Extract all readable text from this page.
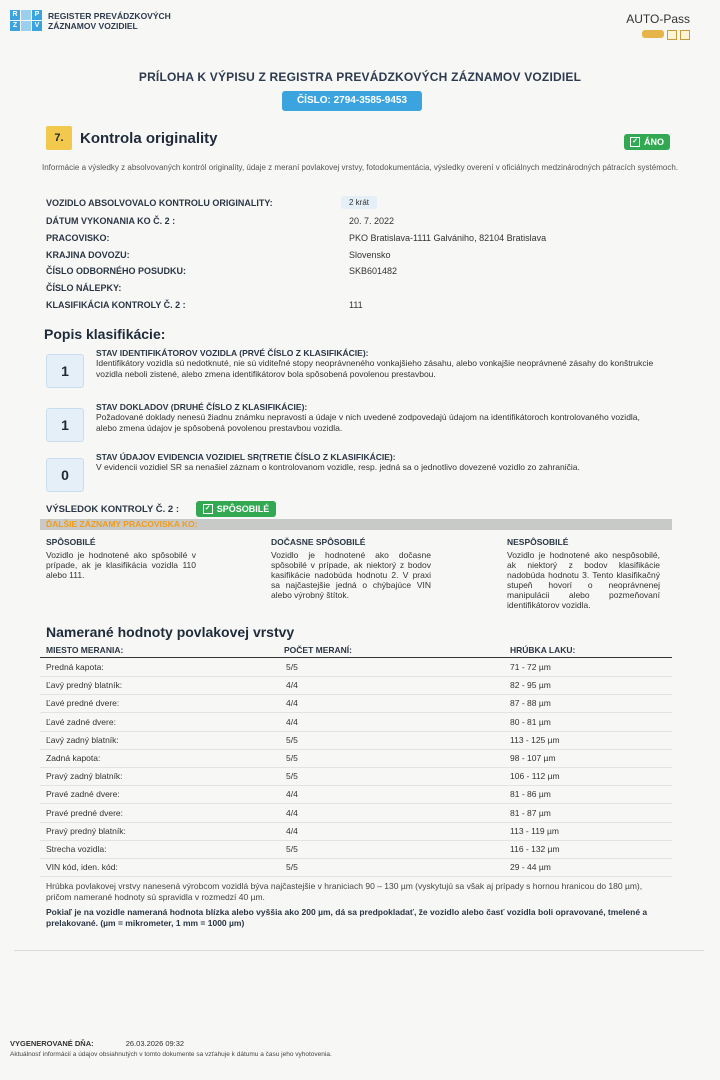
R	P
Z	V
REGISTER PREVÁDZKOVÝCH
ZÁZNAMOV VOZIDIEL	AUTO-Pass
PRÍLOHA K VÝPISU Z REGISTRA PREVÁDZKOVÝCH ZÁZNAMOV VOZIDIEL
ČÍSLO: 2794-3585-9453
7.	Kontrola originality	✓ ÁNO
Informácie a výsledky z absolvovaných kontról originality, údaje z meraní povlakovej vrstvy, fotodokumentácia, výsledky overení v oficiálnych medzinárodných pátracích systémoch.
VOZIDLO ABSOLVOVALO KONTROLU ORIGINALITY:	2 krát
DÁTUM VYKONANIA KO Č. 2 :	20. 7. 2022
PRACOVISKO:	PKO Bratislava-1111 Galvániho, 82104 Bratislava
KRAJINA DOVOZU:	Slovensko
ČÍSLO ODBORNÉHO POSUDKU:	SKB601482
ČÍSLO NÁLEPKY:
KLASIFIKÁCIA KONTROLY Č. 2 :	111
Popis klasifikácie:
1
STAV IDENTIFIKÁTOROV VOZIDLA (PRVÉ ČÍSLO Z KLASIFIKÁCIE):
Identifikátory vozidla sú nedotknuté, nie sú viditeľné stopy neoprávneného vonkajšieho zásahu, alebo vonkajšie neoprávnené zásahy do konštrukcie vozidla neboli zistené, alebo zmena identifikátorov bola spôsobená povolenou prestavbou.
1
STAV DOKLADOV (DRUHÉ ČÍSLO Z KLASIFIKÁCIE):
Požadované doklady nenesú žiadnu známku nepravosti a údaje v nich uvedené zodpovedajú údajom na identifikátoroch kontrolovaného vozidla, alebo zmena údajov je spôsobená povolenou prestavbou vozidla.
0
STAV ÚDAJOV EVIDENCIA VOZIDIEL SR(TRETIE ČÍSLO Z KLASIFIKÁCIE):
V evidencii vozidiel SR sa nenašiel záznam o kontrolovanom vozidle, resp. jedná sa o jednotlivo dovezené vozidlo zo zahraničia.
VÝSLEDOK KONTROLY Č. 2 :	✓ SPÔSOBILÉ
ĎALŠIE ZÁZNAMY PRACOVISKA KO:
SPÔSOBILÉ
Vozidlo je hodnotené ako spôsobilé v prípade, ak je klasifikácia vozidla 110 alebo 111.
DOČASNE SPÔSOBILÉ
Vozidlo je hodnotené ako dočasne spôsobilé v prípade, ak niektorý z bodov kasifikácie nadobúda hodnotu 2. V praxi sa najčastejšie jedná o chýbajúce VIN alebo výrobný štítok.
NESPÔSOBILÉ
Vozidlo je hodnotené ako nespôsobilé, ak niektorý z bodov klasifikácie nadobúda hodnotu 3. Tento klasifikačný stupeň hovorí o neoprávnenej manipulácii alebo pozmeňovaní identifikátorov vozidla.
Namerané hodnoty povlakovej vrstvy
MIESTO MERANIA:	POČET MERANÍ:	HRÚBKA LAKU:
Predná kapota:	5/5	71 - 72 µm
Ľavý predný blatník:	4/4	82 - 95 µm
Ľavé predné dvere:	4/4	87 - 88 µm
Ľavé zadné dvere:	4/4	80 - 81 µm
Ľavý zadný blatník:	5/5	113 - 125 µm
Zadná kapota:	5/5	98 - 107 µm
Pravý zadný blatník:	5/5	106 - 112 µm
Pravé zadné dvere:	4/4	81 - 86 µm
Pravé predné dvere:	4/4	81 - 87 µm
Pravý predný blatník:	4/4	113 - 119 µm
Strecha vozidla:	5/5	116 - 132 µm
VIN kód, iden. kód:	5/5	29 - 44 µm
Hrúbka povlakovej vrstvy nanesená výrobcom vozidlá býva najčastejšie v hraniciach 90 – 130 µm (vyskytujú sa však aj prípady s hornou hranicou do 180 µm), pričom namerané hodnoty sú spravidla v rozmedzí 40 µm.
Pokiaľ je na vozidle nameraná hodnota blízka alebo vyššia ako 200 µm, dá sa predpokladať, že vozidlo alebo časť vozidla boli opravované, tmelené a prelakované. (µm = mikrometer, 1 mm = 1000 µm)
VYGENEROVANÉ DŇA:	26.03.2026 09:32
Aktuálnosť informácií a údajov obsiahnutých v tomto dokumente sa vzťahuje k dátumu a času jeho vyhotovenia.
